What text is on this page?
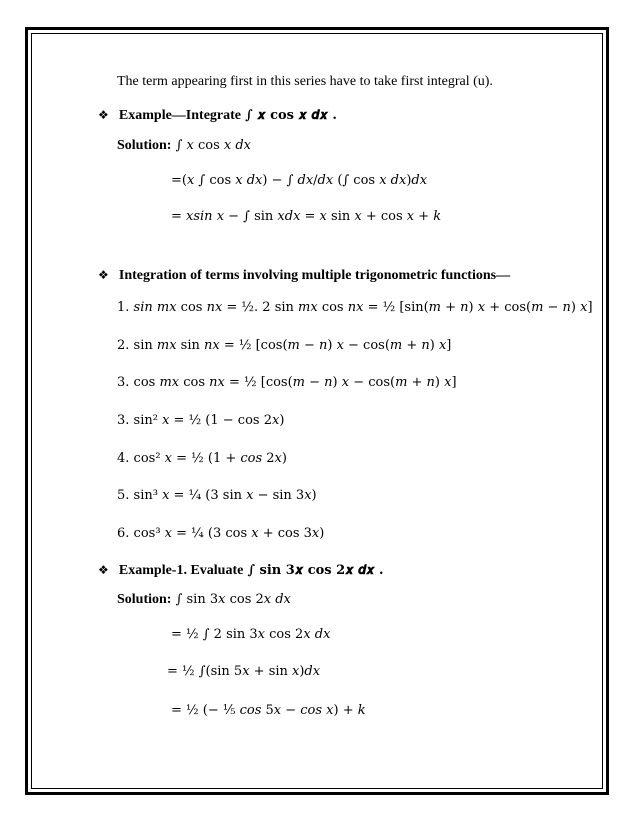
The term appearing first in this series have to take first integral (u).
❖ Example—Integrate ∫ 𝒙 𝐜𝐨𝐬 𝒙 𝒅𝒙 .
Solution: ∫ 𝑥 cos 𝑥 𝑑𝑥
=(𝑥 ∫ cos 𝑥 𝑑𝑥) − ∫ 𝑑𝑥/𝑑𝑥 (∫ cos 𝑥 𝑑𝑥)𝑑𝑥
= 𝑥𝑠𝑖𝑛 𝑥 − ∫ sin 𝑥𝑑𝑥 = 𝑥 sin 𝑥 + cos 𝑥 + 𝑘
❖ Integration of terms involving multiple trigonometric functions—
1. 𝑠𝑖𝑛 𝑚𝑥 cos 𝑛𝑥 = ½. 2 sin 𝑚𝑥 cos 𝑛𝑥 = ½ [sin(𝑚 + 𝑛) 𝑥 + cos(𝑚 − 𝑛) 𝑥]
2. sin 𝑚𝑥 sin 𝑛𝑥 = ½ [cos(𝑚 − 𝑛) 𝑥 − cos(𝑚 + 𝑛) 𝑥]
3. cos 𝑚𝑥 cos 𝑛𝑥 = ½ [cos(𝑚 − 𝑛) 𝑥 − cos(𝑚 + 𝑛) 𝑥]
3. sin² 𝑥 = ½ (1 − cos 2𝑥)
4. cos² 𝑥 = ½ (1 + 𝑐𝑜𝑠 2𝑥)
5. sin³ 𝑥 = ¼ (3 sin 𝑥 − sin 3𝑥)
6. cos³ 𝑥 = ¼ (3 cos 𝑥 + cos 3𝑥)
❖ Example-1. Evaluate ∫ 𝐬𝐢𝐧 𝟑𝒙 𝐜𝐨𝐬 𝟐𝒙 𝒅𝒙 .
Solution: ∫ sin 3𝑥 cos 2𝑥 𝑑𝑥
= ½ ∫ 2 sin 3𝑥 cos 2𝑥 𝑑𝑥
= ½ ∫(sin 5𝑥 + sin 𝑥)𝑑𝑥
= ½ (− ⅕ 𝑐𝑜𝑠 5𝑥 − 𝑐𝑜𝑠 𝑥) + 𝑘
